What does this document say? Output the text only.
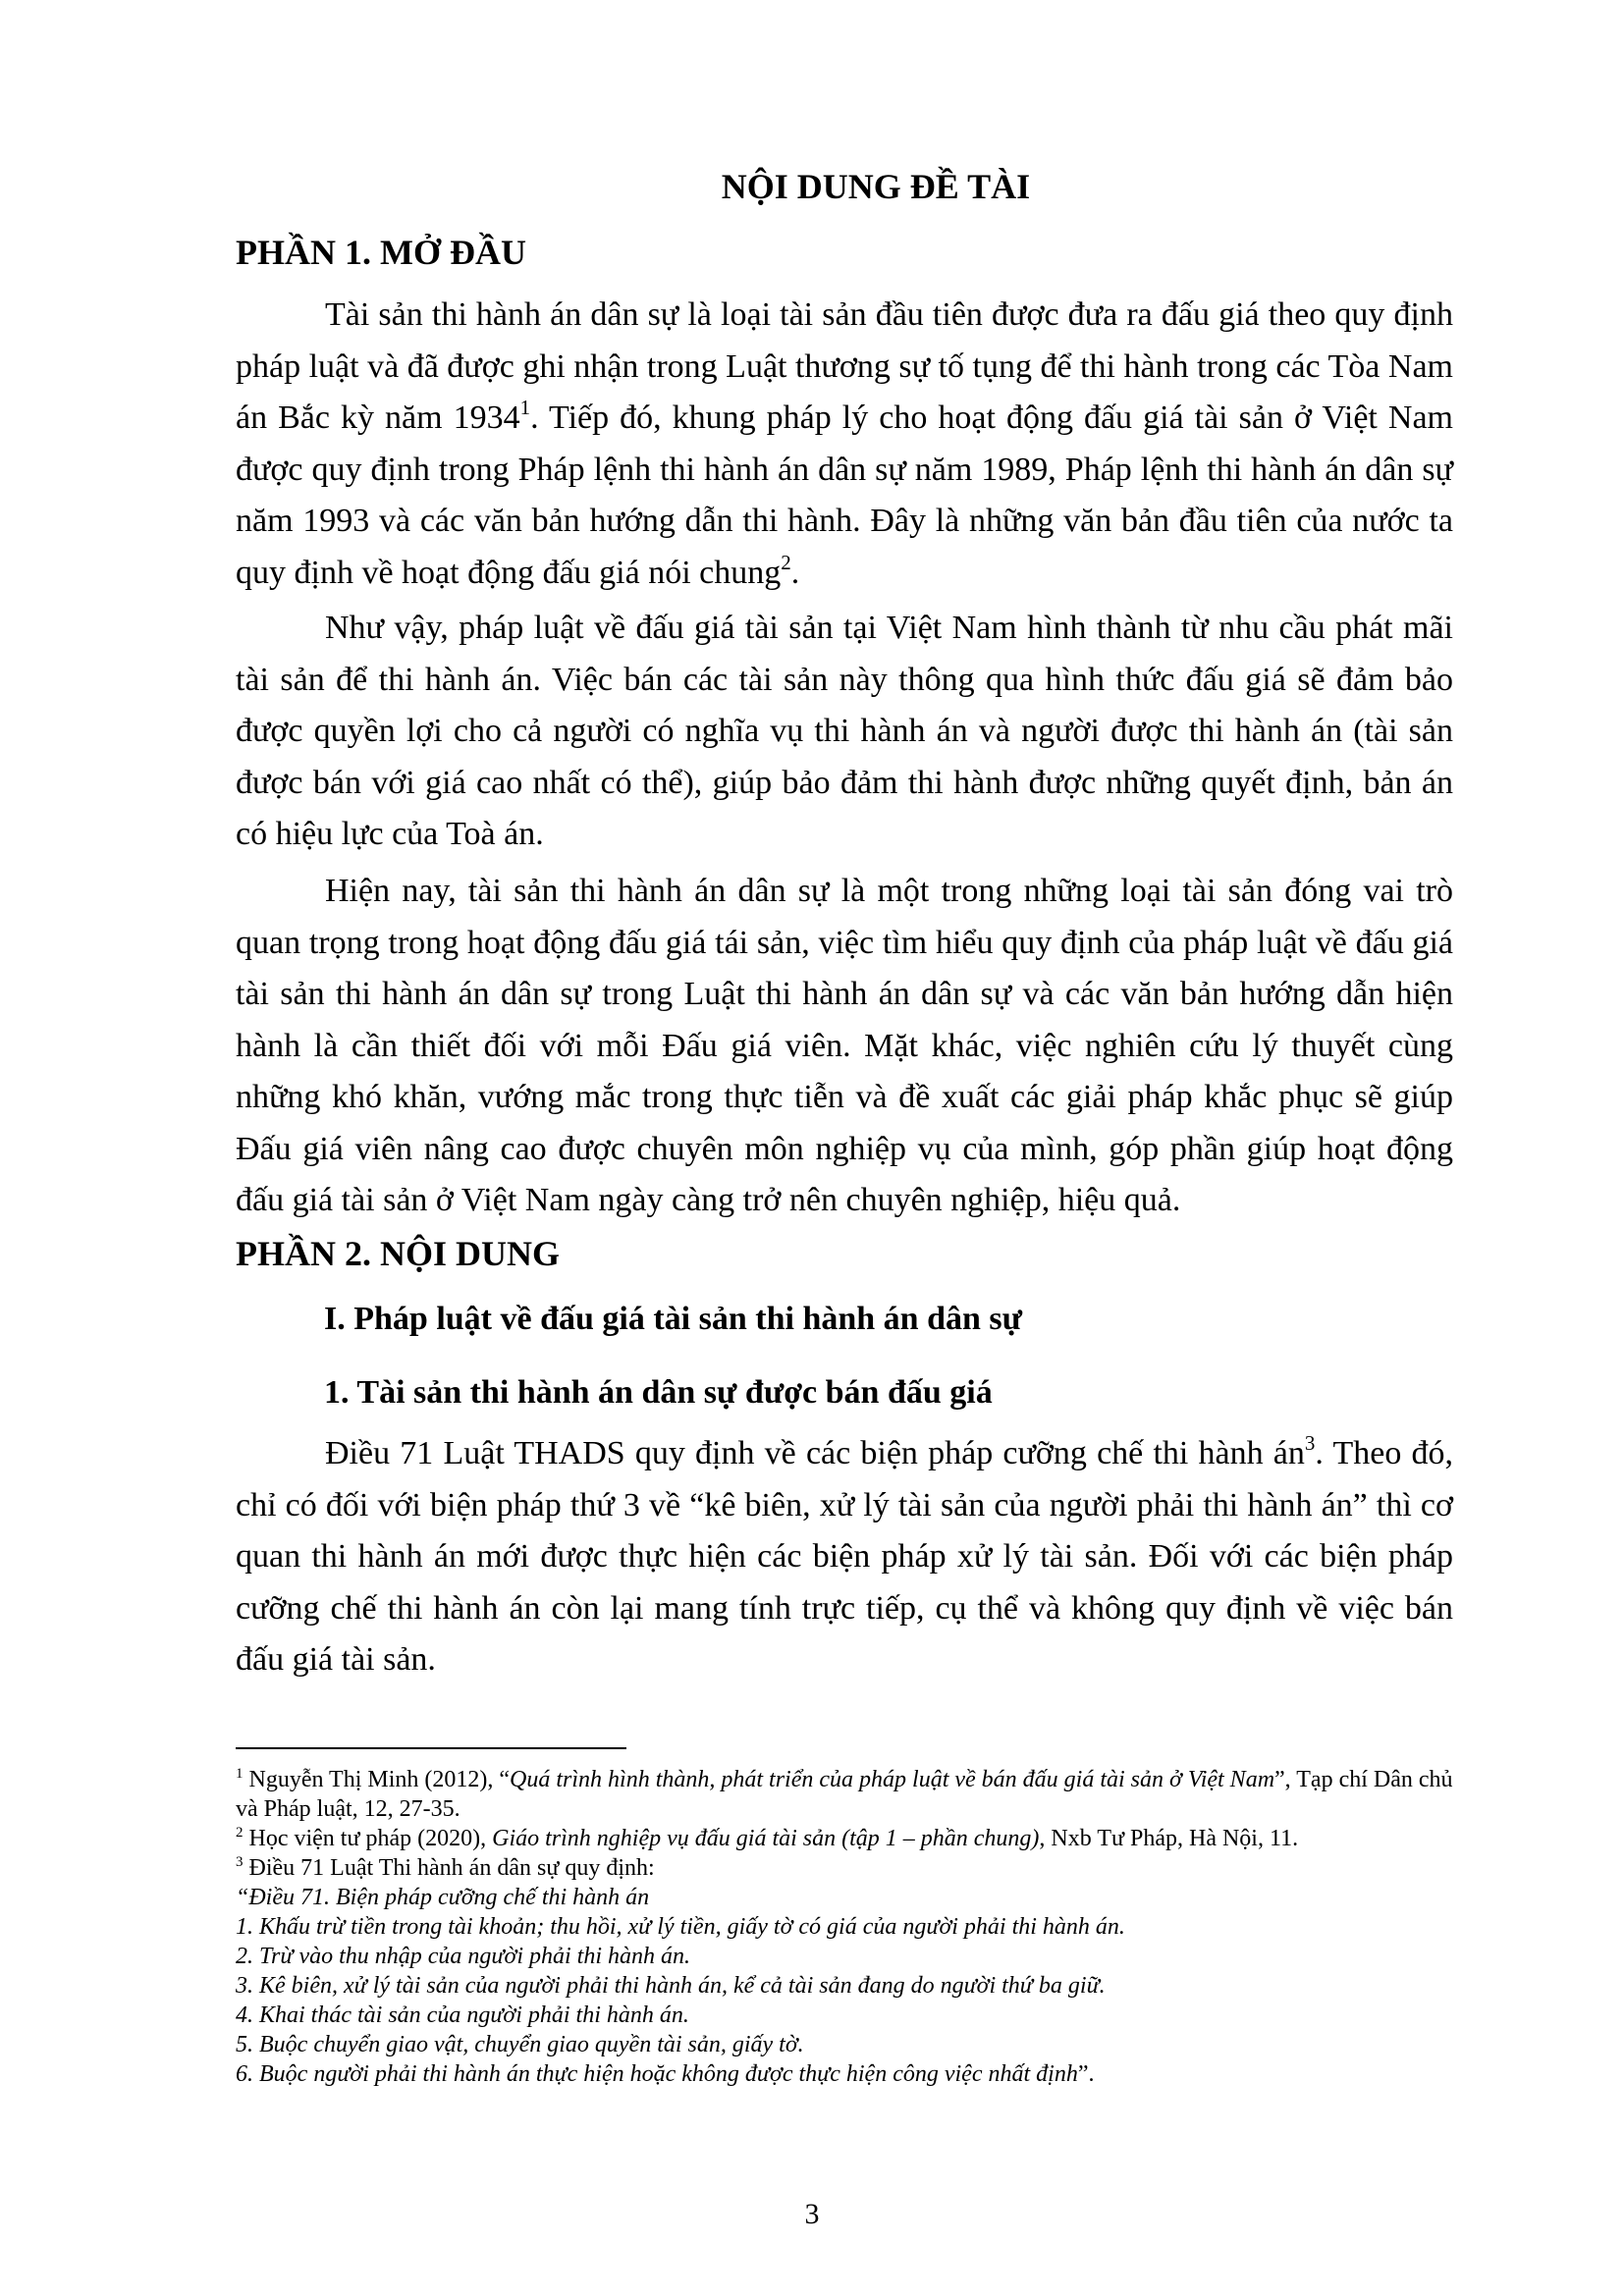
NỘI DUNG ĐỀ TÀI
PHẦN 1. MỞ ĐẦU

Tài sản thi hành án dân sự là loại tài sản đầu tiên được đưa ra đấu giá theo quy định pháp luật và đã được ghi nhận trong Luật thương sự tố tụng để thi hành trong các Tòa Nam án Bắc kỳ năm 1934$^1$. Tiếp đó, khung pháp lý cho hoạt động đấu giá tài sản ở Việt Nam được quy định trong Pháp lệnh thi hành án dân sự năm 1989, Pháp lệnh thi hành án dân sự năm 1993 và các văn bản hướng dẫn thi hành. Đây là những văn bản đầu tiên của nước ta quy định về hoạt động đấu giá nói chung$^2$.

Như vậy, pháp luật về đấu giá tài sản tại Việt Nam hình thành từ nhu cầu phát mãi tài sản để thi hành án. Việc bán các tài sản này thông qua hình thức đấu giá sẽ đảm bảo được quyền lợi cho cả người có nghĩa vụ thi hành án và người được thi hành án (tài sản được bán với giá cao nhất có thể), giúp bảo đảm thi hành được những quyết định, bản án có hiệu lực của Toà án.

Hiện nay, tài sản thi hành án dân sự là một trong những loại tài sản đóng vai trò quan trọng trong hoạt động đấu giá tái sản, việc tìm hiểu quy định của pháp luật về đấu giá tài sản thi hành án dân sự trong Luật thi hành án dân sự và các văn bản hướng dẫn hiện hành là cần thiết đối với mỗi Đấu giá viên. Mặt khác, việc nghiên cứu lý thuyết cùng những khó khăn, vướng mắc trong thực tiễn và đề xuất các giải pháp khắc phục sẽ giúp Đấu giá viên nâng cao được chuyên môn nghiệp vụ của mình, góp phần giúp hoạt động đấu giá tài sản ở Việt Nam ngày càng trở nên chuyên nghiệp, hiệu quả.

PHẦN 2. NỘI DUNG
I. Pháp luật về đấu giá tài sản thi hành án dân sự
1. Tài sản thi hành án dân sự được bán đấu giá

Điều 71 Luật THADS quy định về các biện pháp cưỡng chế thi hành $án^3$. Theo đó, chỉ có đối với biện pháp thứ 3 về “kê biên, xử lý tài sản của người phải thi hành án” thì cơ quan thi hành án mới được thực hiện các biện pháp xử lý tài sản. Đối với các biện pháp cưỡng chế thi hành án còn lại mang tính trực tiếp, cụ thể và không quy định về việc bán đấu giá tài sản.

$^1$ Nguyễn Thị Minh (2012), “Quá trình hình thành, phát triển của pháp luật về bán đấu giá tài sản ở Việt Nam”, Tạp chí Dân chủ và Pháp luật, 12, 27-35.

$^2$ Học viện tư pháp (2020), Giáo trình nghiệp vụ đấu giá tài sản (tập 1 – phần chung), Nxb Tư Pháp, Hà Nội, 11.

$^3$ Điều 71 Luật Thi hành án dân sự quy định:

“Điều 71. Biện pháp cưỡng chế thi hành án

1. Khấu trừ tiền trong tài khoản; thu hồi, xử lý tiền, giấy tờ có giá của người phải thi hành án.

2. Trừ vào thu nhập của người phải thi hành án.

3. Kê biên, xử lý tài sản của người phải thi hành án, kể cả tài sản đang do người thứ ba giữ.

4. Khai thác tài sản của người phải thi hành án.

5. Buộc chuyển giao vật, chuyển giao quyền tài sản, giấy tờ.

6. Buộc người phải thi hành án thực hiện hoặc không được thực hiện công việc nhất định”.

3
